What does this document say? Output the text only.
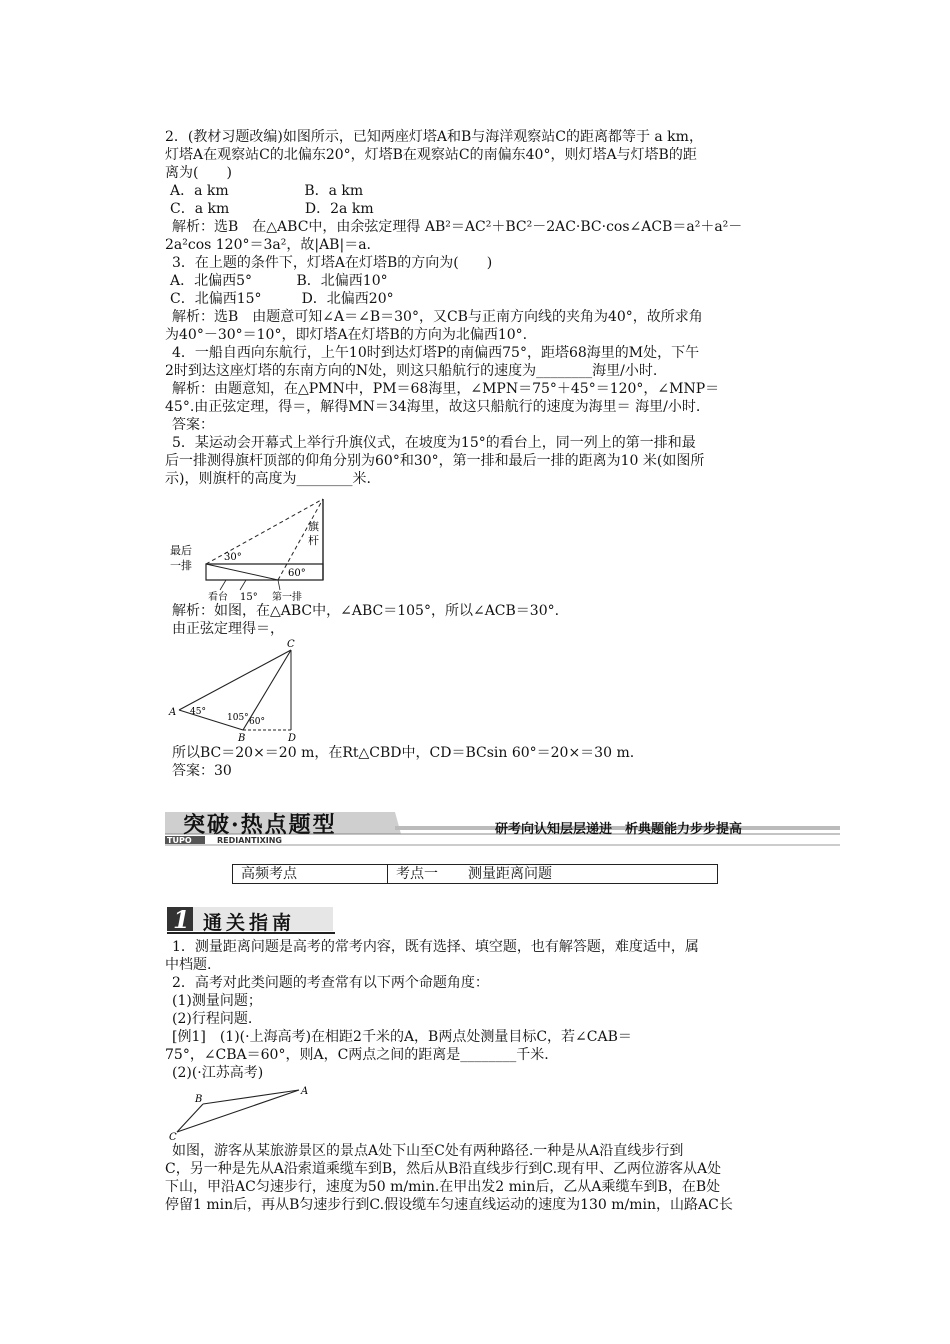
2．(教材习题改编)如图所示，已知两座灯塔A和B与海洋观察站C的距离都等于 a km，
灯塔A在观察站C的北偏东20°，灯塔B在观察站C的南偏东40°，则灯塔A与灯塔B的距
离为(　　)
A．a km                 B．a km
C．a km                 D．2a km
解析：选B　在△ABC中，由余弦定理得 AB²＝AC²＋BC²－2AC·BC·cos∠ACB＝a²＋a²－
2a²cos 120°＝3a²，故|AB|＝a.
3．在上题的条件下，灯塔A在灯塔B的方向为(　　)
A．北偏西5°          B．北偏西10°
C．北偏西15°         D．北偏西20°
解析：选B　由题意可知∠A＝∠B＝30°，又CB与正南方向线的夹角为40°，故所求角
为40°－30°＝10°，即灯塔A在灯塔B的方向为北偏西10°.
4．一船自西向东航行，上午10时到达灯塔P的南偏西75°，距塔68海里的M处，下午
2时到达这座灯塔的东南方向的N处，则这只船航行的速度为________海里/小时.
解析：由题意知，在△PMN中，PM＝68海里，∠MPN＝75°＋45°＝120°，∠MNP＝
45°.由正弦定理，得＝，解得MN＝34海里，故这只船航行的速度为海里＝ 海里/小时.
答案：
5．某运动会开幕式上举行升旗仪式，在坡度为15°的看台上，同一列上的第一排和最
后一排测得旗杆顶部的仰角分别为60°和30°，第一排和最后一排的距离为10 米(如图所
示)，则旗杆的高度为________米.
最后
一排
旗
杆
30°
60°
看台 15° 第一排
解析：如图，在△ABC中，∠ABC＝105°，所以∠ACB＝30°.
由正弦定理得＝，
C
A
B	D
45°
105° 60°
所以BC＝20×＝20 m，在Rt△CBD中，CD＝BCsin 60°＝20×＝30 m.
答案：30
突破·热点题型
TUPO	REDIANTIXING
研考向认知层层递进　析典题能力步步提高
高频考点	考点一	测量距离问题
1 通关指南
1．测量距离问题是高考的常考内容，既有选择、填空题，也有解答题，难度适中，属
中档题.
2．高考对此类问题的考查常有以下两个命题角度：
(1)测量问题；
(2)行程问题.
[例1]　(1)(·上海高考)在相距2千米的A，B两点处测量目标C，若∠CAB＝
75°，∠CBA＝60°，则A，C两点之间的距离是________千米.
(2)(·江苏高考)
A
B
C
如图，游客从某旅游景区的景点A处下山至C处有两种路径.一种是从A沿直线步行到
C，另一种是先从A沿索道乘缆车到B，然后从B沿直线步行到C.现有甲、乙两位游客从A处
下山，甲沿AC匀速步行，速度为50 m/min.在甲出发2 min后，乙从A乘缆车到B，在B处
停留1 min后，再从B匀速步行到C.假设缆车匀速直线运动的速度为130 m/min，山路AC长
